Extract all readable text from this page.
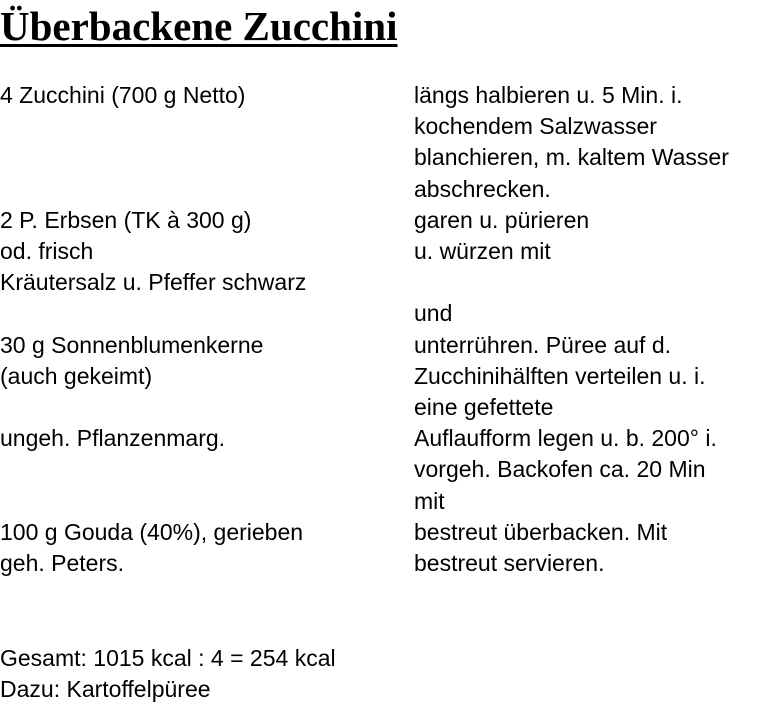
Überbackene Zucchini
4 Zucchini (700 g Netto)	längs halbieren u. 5 Min. i.
kochendem Salzwasser
blanchieren, m. kaltem Wasser
abschrecken.
2 P. Erbsen (TK à 300 g)
od. frisch
Kräutersalz u. Pfeffer schwarz
garen u. pürieren
u. würzen mit

und
30 g Sonnenblumenkerne
(auch gekeimt)
unterrühren. Püree auf d.
Zucchinihälften verteilen u. i.
eine gefettete
ungeh. Pflanzenmarg.	Auflaufform legen u. b. 200° i.
vorgeh. Backofen ca. 20 Min
mit
100 g Gouda (40%), gerieben
geh. Peters.
bestreut überbacken. Mit
bestreut servieren.
Gesamt: 1015 kcal : 4 = 254 kcal
Dazu: Kartoffelpüree
